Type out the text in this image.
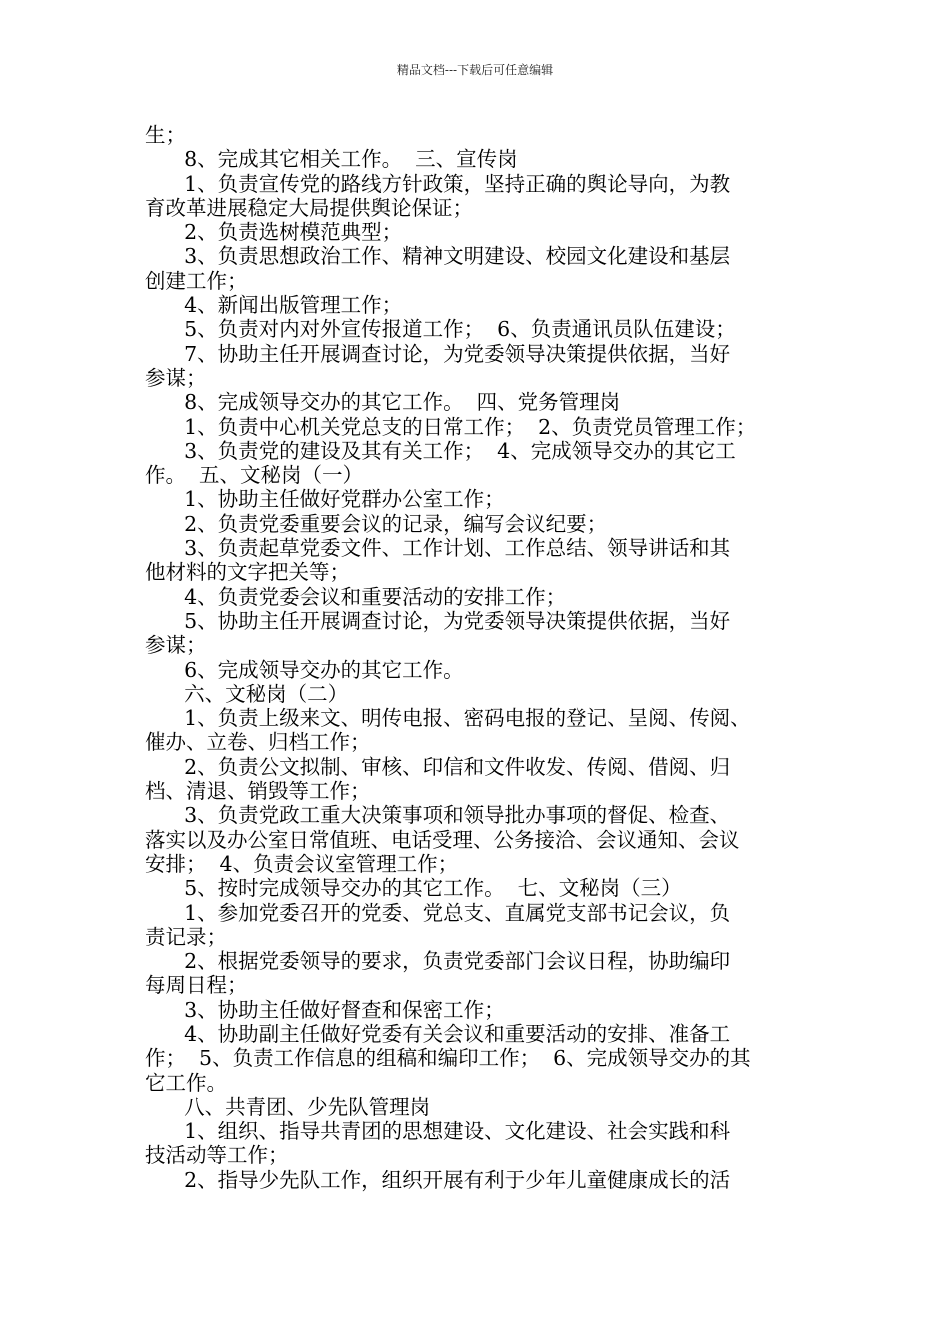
精品文档---下载后可任意编辑
生；
8、完成其它相关工作。  三、宣传岗
1、负责宣传党的路线方针政策，坚持正确的舆论导向，为教
育改革进展稳定大局提供舆论保证；
2、负责选树模范典型；
3、负责思想政治工作、精神文明建设、校园文化建设和基层
创建工作；
4、新闻出版管理工作；
5、负责对内对外宣传报道工作；  6、负责通讯员队伍建设；
7、协助主任开展调查讨论，为党委领导决策提供依据，当好
参谋；
8、完成领导交办的其它工作。  四、党务管理岗
1、负责中心机关党总支的日常工作；  2、负责党员管理工作；
3、负责党的建设及其有关工作；  4、完成领导交办的其它工
作。  五、文秘岗（一）
1、协助主任做好党群办公室工作；
2、负责党委重要会议的记录，编写会议纪要；
3、负责起草党委文件、工作计划、工作总结、领导讲话和其
他材料的文字把关等；
4、负责党委会议和重要活动的安排工作；
5、协助主任开展调查讨论，为党委领导决策提供依据，当好
参谋；
6、完成领导交办的其它工作。
六、文秘岗（二）
1、负责上级来文、明传电报、密码电报的登记、呈阅、传阅、
催办、立卷、归档工作；
2、负责公文拟制、审核、印信和文件收发、传阅、借阅、归
档、清退、销毁等工作；
3、负责党政工重大决策事项和领导批办事项的督促、检查、
落实以及办公室日常值班、电话受理、公务接洽、会议通知、会议
安排；  4、负责会议室管理工作；
5、按时完成领导交办的其它工作。  七、文秘岗（三）
1、参加党委召开的党委、党总支、直属党支部书记会议，负
责记录；
2、根据党委领导的要求，负责党委部门会议日程，协助编印
每周日程；
3、协助主任做好督查和保密工作；
4、协助副主任做好党委有关会议和重要活动的安排、准备工
作；  5、负责工作信息的组稿和编印工作；  6、完成领导交办的其
它工作。
八、共青团、少先队管理岗
1、组织、指导共青团的思想建设、文化建设、社会实践和科
技活动等工作；
2、指导少先队工作，组织开展有利于少年儿童健康成长的活
